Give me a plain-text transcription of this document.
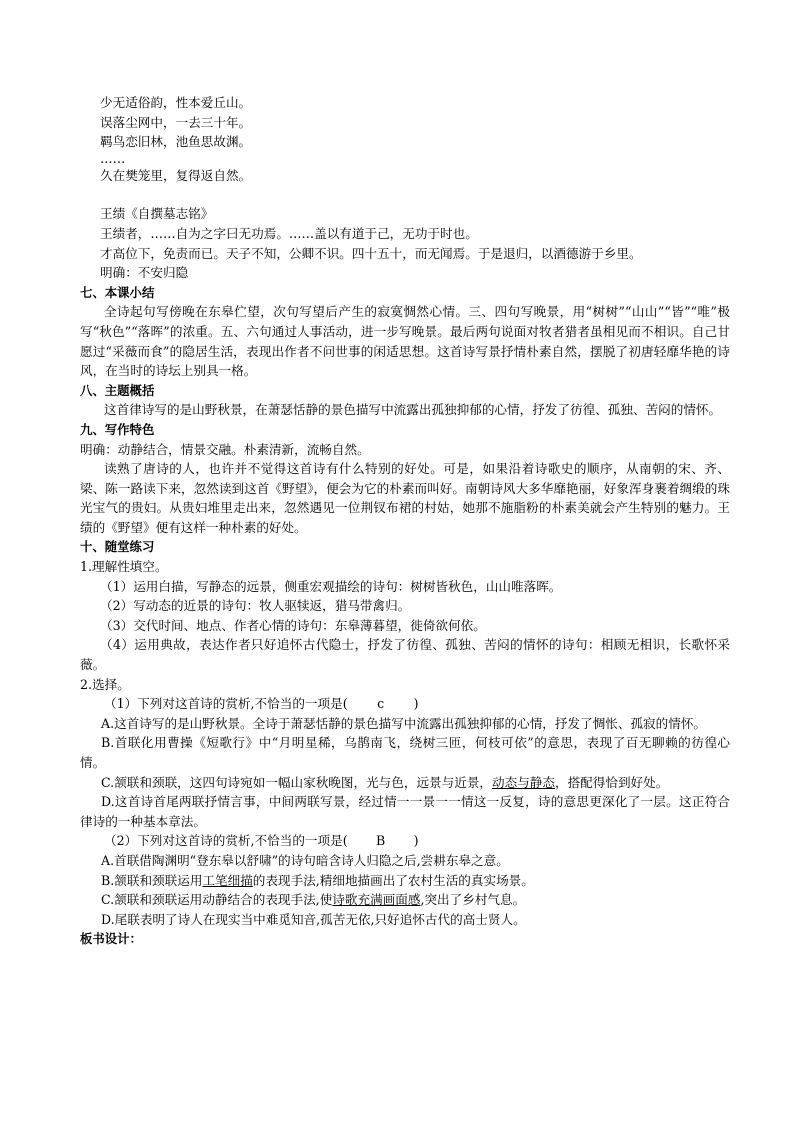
少无适俗韵，性本爱丘山。

误落尘网中，一去三十年。

羁鸟恋旧林，池鱼思故渊。

……

久在樊笼里，复得返自然。

王绩《自撰墓志铭》

王绩者，……自为之字曰无功焉。……盖以有道于己，无功于时也。

才高位下，免责而已。天子不知，公卿不识。四十五十，而无闻焉。于是退归，以酒德游于乡里。

明确：不安归隐

七、本课小结

全诗起句写傍晚在东皋伫望，次句写望后产生的寂寞惆然心情。三、四句写晚景，用“树树”“山山”“皆”“唯”极写“秋色”“落晖”的浓重。五、六句通过人事活动，进一步写晚景。最后两句说面对牧者猎者虽相见而不相识。自己甘愿过“采薇而食”的隐居生活，表现出作者不问世事的闲适思想。这首诗写景抒情朴素自然，摆脱了初唐轻靡华艳的诗风，在当时的诗坛上别具一格。

八、主题概括

这首律诗写的是山野秋景，在萧瑟恬静的景色描写中流露出孤独抑郁的心情，抒发了彷徨、孤独、苦闷的情怀。

九、写作特色

明确：动静结合，情景交融。朴素清新，流畅自然。

读熟了唐诗的人，也许并不觉得这首诗有什么特别的好处。可是，如果沿着诗歌史的顺序，从南朝的宋、齐、梁、陈一路读下来，忽然读到这首《野望》，便会为它的朴素而叫好。南朝诗风大多华靡艳丽，好象浑身裹着绸缎的珠光宝气的贵妇。从贵妇堆里走出来，忽然遇见一位荆钗布裙的村姑，她那不施脂粉的朴素美就会产生特别的魅力。王绩的《野望》便有这样一种朴素的好处。

十、随堂练习

1.理解性填空。

（1）运用白描，写静态的远景，侧重宏观描绘的诗句：树树皆秋色，山山唯落晖。

（2）写动态的近景的诗句：牧人驱犊返，猎马带禽归。

（3）交代时间、地点、作者心情的诗句：东皋薄暮望，徙倚欲何依。

（4）运用典故，表达作者只好追怀古代隐士，抒发了彷徨、孤独、苦闷的情怀的诗句：相顾无相识，长歌怀采薇。

2.选择。

（1）下列对这首诗的赏析,不恰当的一项是( c )

A.这首诗写的是山野秋景。全诗于萧瑟恬静的景色描写中流露出孤独抑郁的心情，抒发了惆怅、孤寂的情怀。

B.首联化用曹操《短歌行》中“月明星稀，乌鹊南飞，绕树三匝，何枝可依”的意思，表现了百无聊赖的彷徨心情。

C.颔联和颈联，这四句诗宛如一幅山家秋晚图，光与色，远景与近景，动态与静态，搭配得恰到好处。

D.这首诗首尾两联抒情言事，中间两联写景，经过情一一景一一情这一反复，诗的意思更深化了一层。这正符合律诗的一种基本章法。

（2）下列对这首诗的赏析,不恰当的一项是( B )

A.首联借陶渊明“登东皋以舒啸”的诗句暗含诗人归隐之后,尝耕东皋之意。

B.颔联和颈联运用工笔细描的表现手法,精细地描画出了农村生活的真实场景。

C.颔联和颈联运用动静结合的表现手法,使诗歌充满画面感,突出了乡村气息。

D.尾联表明了诗人在现实当中难觅知音,孤苦无依,只好追怀古代的高士贤人。

板书设计：
